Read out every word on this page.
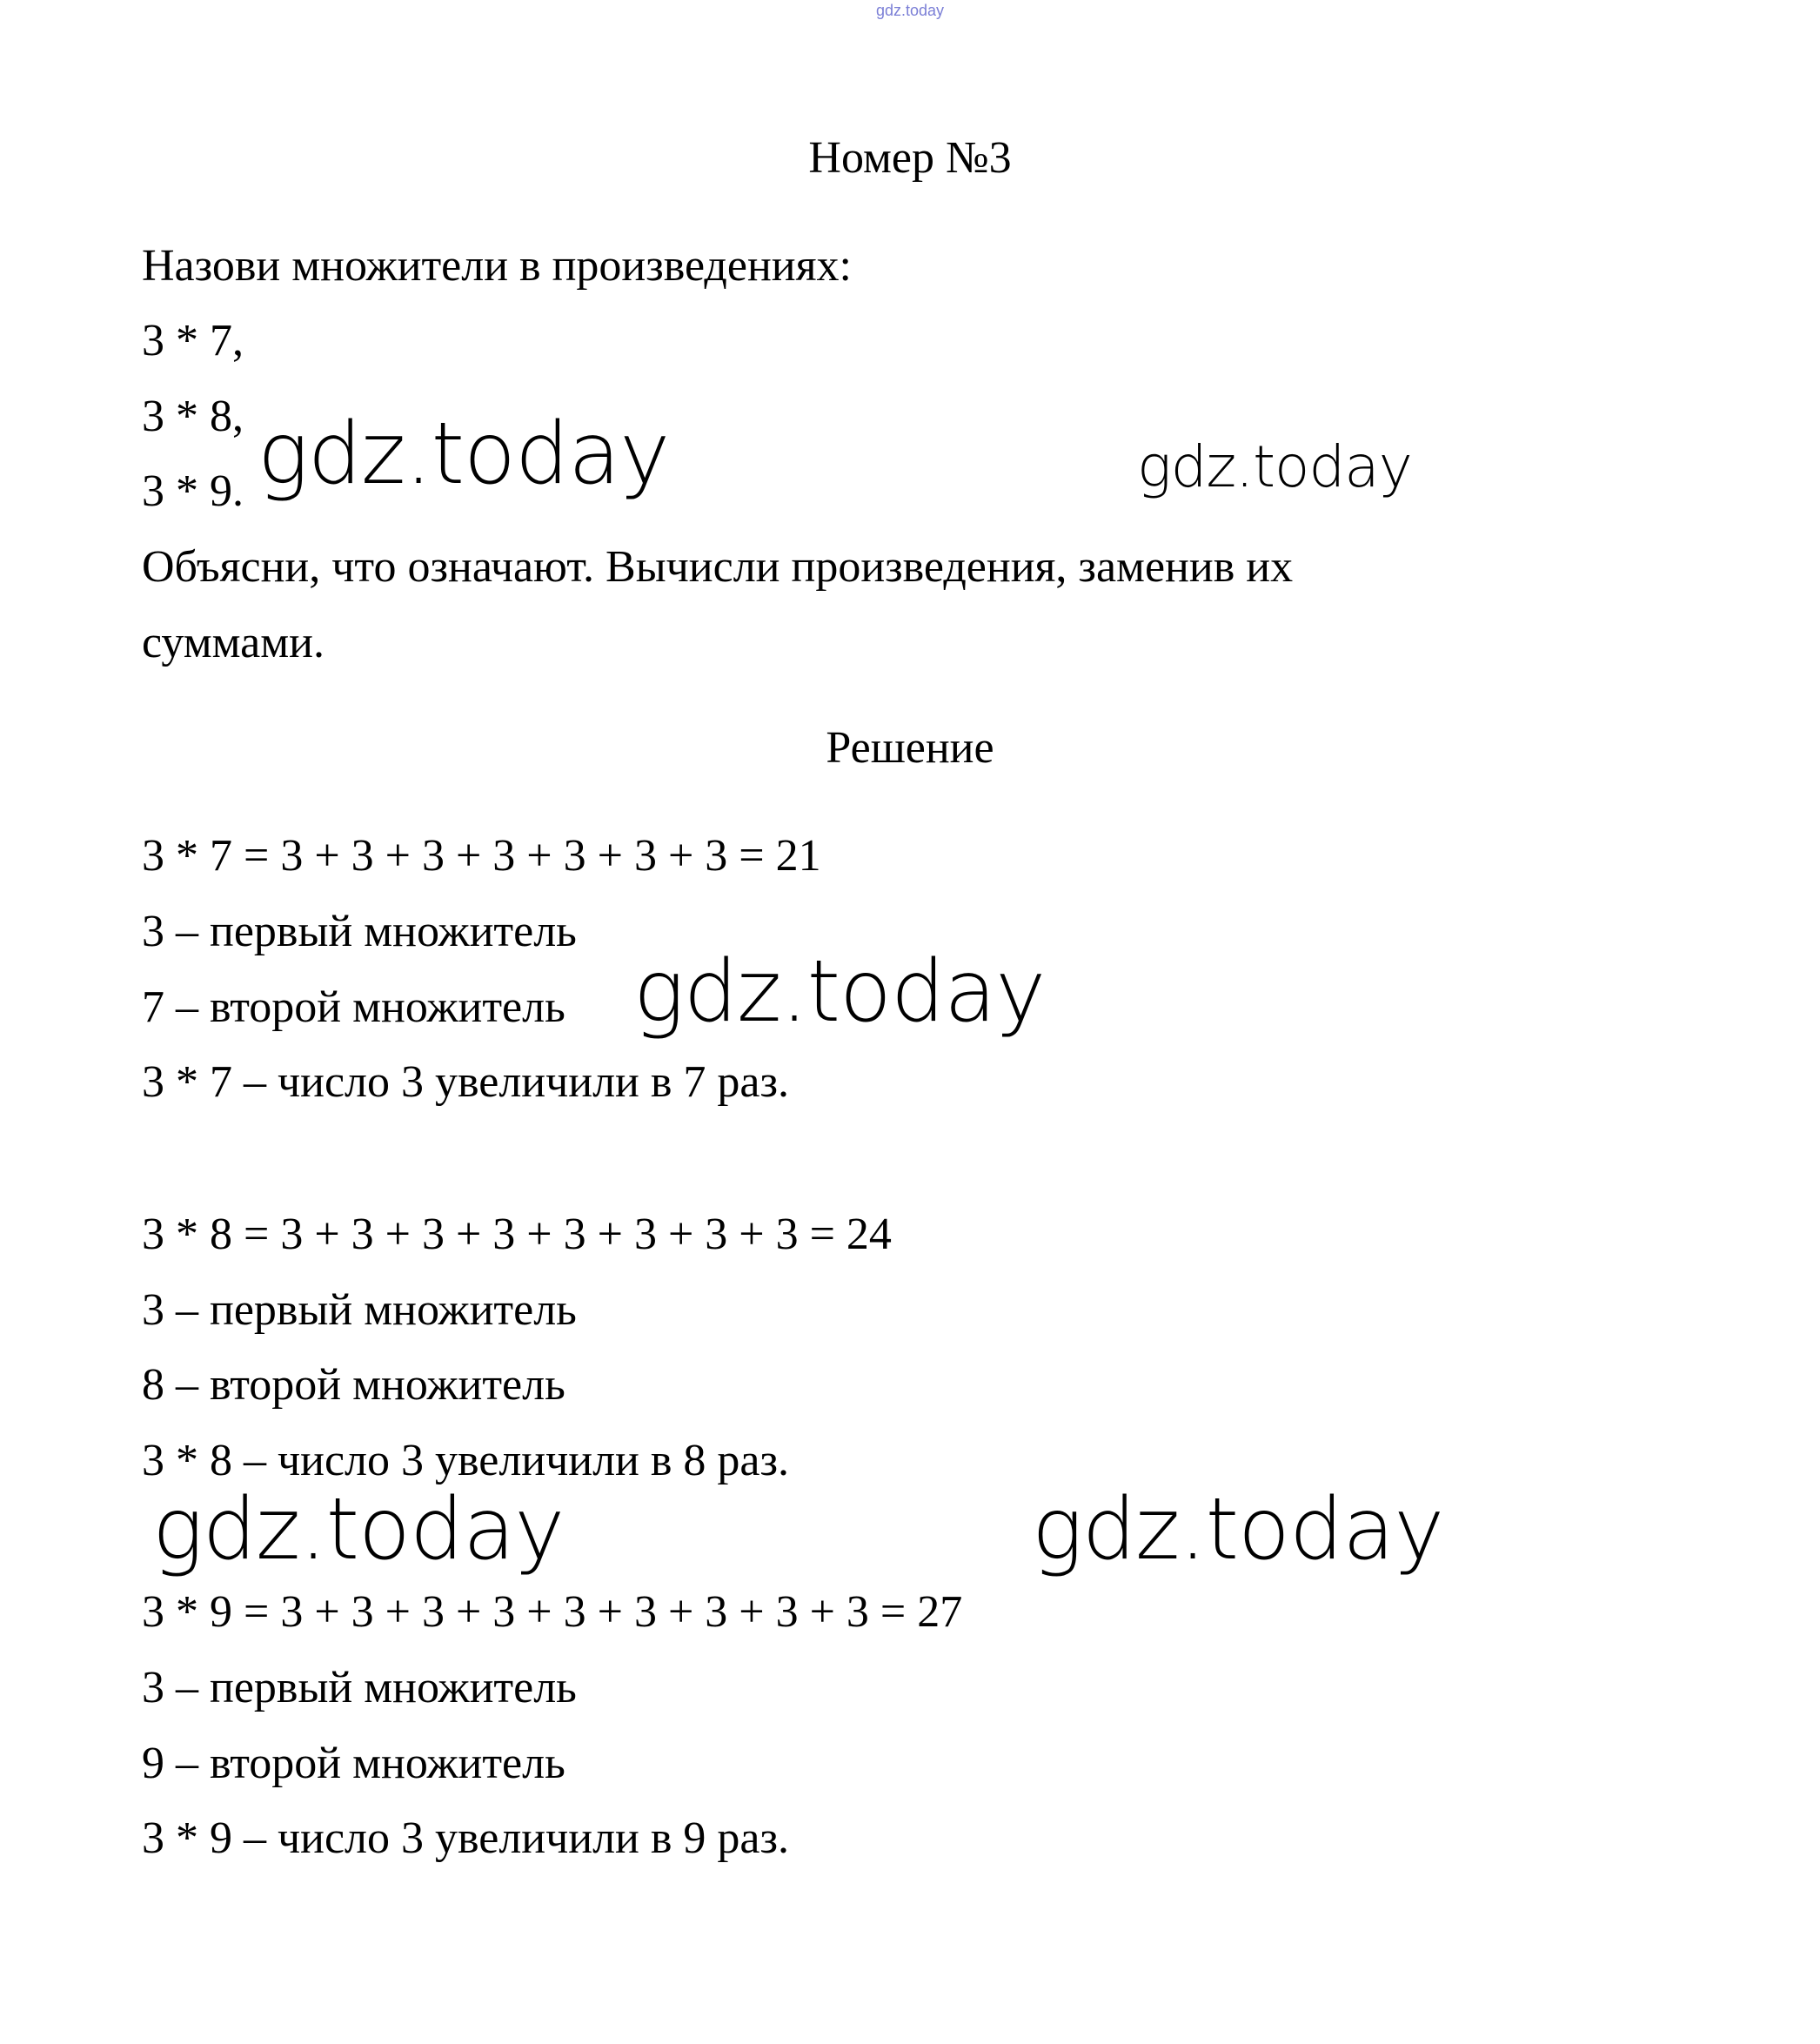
gdz.today
Номер №3
Назови множители в произведениях:
3 * 7,
3 * 8,
3 * 9.
Объясни, что означают. Вычисли произведения, заменив их
суммами.
Решение
3 * 7 = 3 + 3 + 3 + 3 + 3 + 3 + 3 = 21
3 – первый множитель
7 – второй множитель
3 * 7 – число 3 увеличили в 7 раз.
3 * 8 = 3 + 3 + 3 + 3 + 3 + 3 + 3 + 3 = 24
3 – первый множитель
8 – второй множитель
3 * 8 – число 3 увеличили в 8 раз.
3 * 9 = 3 + 3 + 3 + 3 + 3 + 3 + 3 + 3 + 3 = 27
3 – первый множитель
9 – второй множитель
3 * 9 – число 3 увеличили в 9 раз.
gdz.today	gdz.today
gdz.today
gdz.today	gdz.today
